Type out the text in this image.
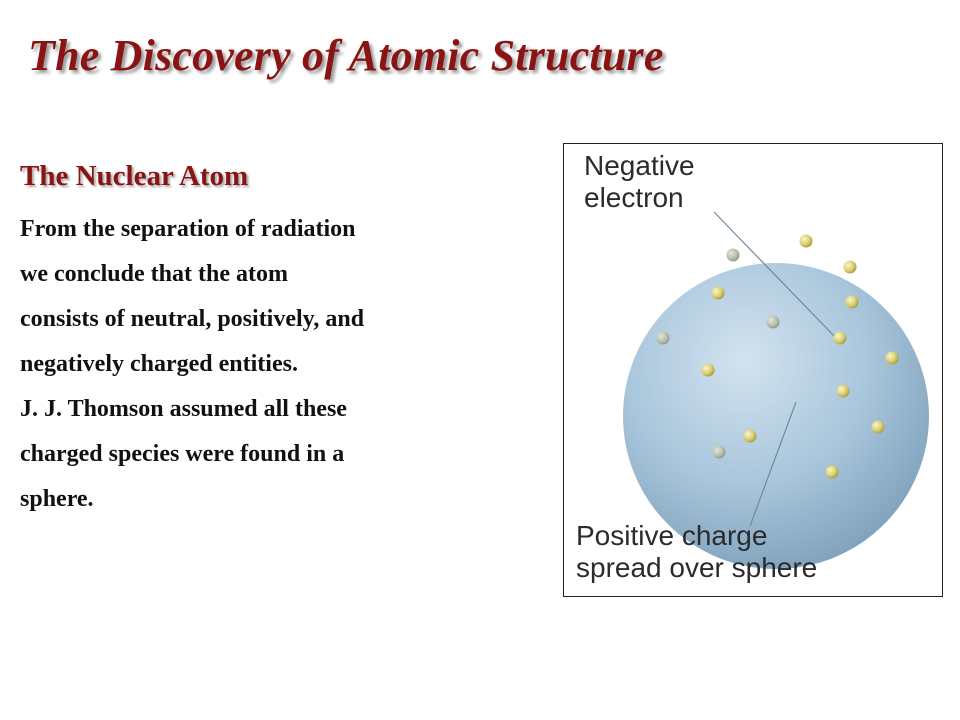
The Discovery of Atomic Structure
The Nuclear Atom
From the separation of radiation
we conclude that the atom
consists of neutral, positively, and
negatively charged entities.
J. J. Thomson assumed all these
charged species were found in a
sphere.
Negative
electron
Positive charge
spread over sphere
